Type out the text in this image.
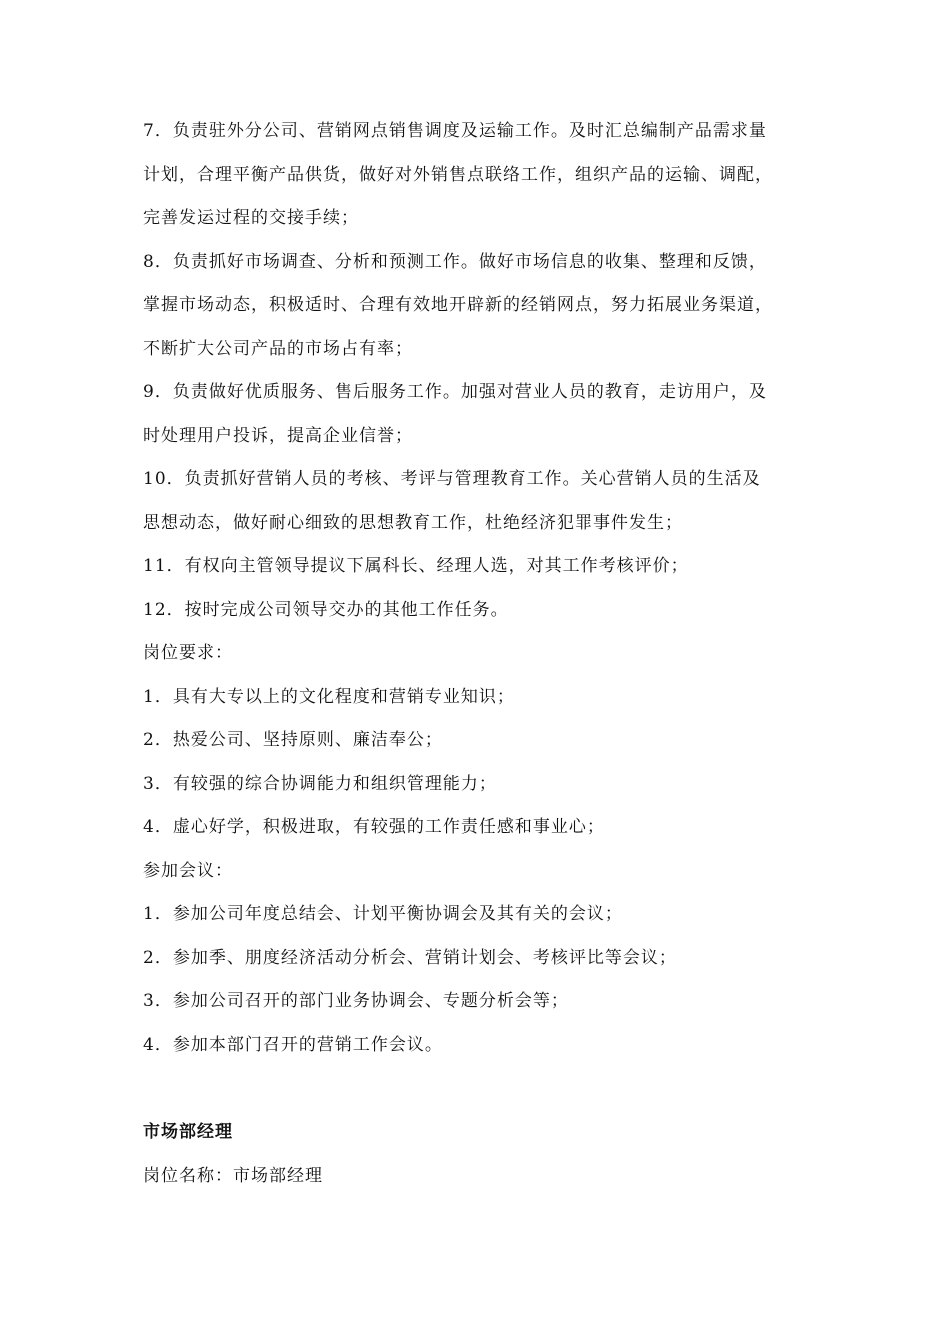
7．负责驻外分公司、营销网点销售调度及运输工作。及时汇总编制产品需求量
计划，合理平衡产品供货，做好对外销售点联络工作，组织产品的运输、调配，
完善发运过程的交接手续；
8．负责抓好市场调查、分析和预测工作。做好市场信息的收集、整理和反馈，
掌握市场动态，积极适时、合理有效地开辟新的经销网点，努力拓展业务渠道，
不断扩大公司产品的市场占有率；
9．负责做好优质服务、售后服务工作。加强对营业人员的教育，走访用户，及
时处理用户投诉，提高企业信誉；
10．负责抓好营销人员的考核、考评与管理教育工作。关心营销人员的生活及
思想动态，做好耐心细致的思想教育工作，杜绝经济犯罪事件发生；
11．有权向主管领导提议下属科长、经理人选，对其工作考核评价；
12．按时完成公司领导交办的其他工作任务。

岗位要求：

1．具有大专以上的文化程度和营销专业知识；

2．热爱公司、坚持原则、廉洁奉公；

3．有较强的综合协调能力和组织管理能力；

4．虚心好学，积极进取，有较强的工作责任感和事业心；

参加会议：

1．参加公司年度总结会、计划平衡协调会及其有关的会议；

2．参加季、朋度经济活动分析会、营销计划会、考核评比等会议；

3．参加公司召开的部门业务协调会、专题分析会等；

4．参加本部门召开的营销工作会议。

市场部经理

岗位名称：市场部经理
